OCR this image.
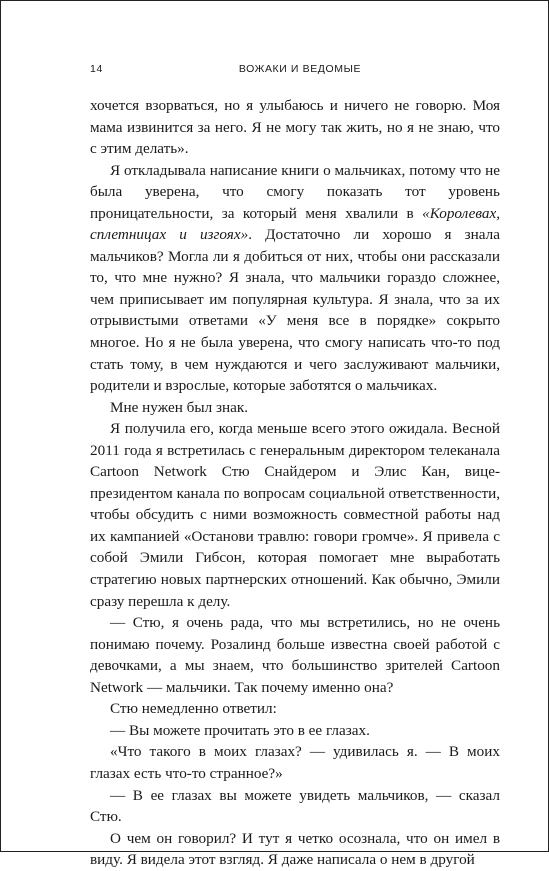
14	ВОЖАКИ И ВЕДОМЫЕ

хочется взорваться, но я улыбаюсь и ничего не говорю. Моя мама извинится за него. Я не могу так жить, но я не знаю, что с этим делать».

Я откладывала написание книги о мальчиках, потому что не была уверена, что смогу показать тот уровень проницательности, за который меня хвалили в «Королевах, сплетницах и изгоях». Достаточно ли хорошо я знала мальчиков? Могла ли я добиться от них, чтобы они рассказали то, что мне нужно? Я знала, что мальчики гораздо сложнее, чем приписывает им популярная культура. Я знала, что за их отрывистыми ответами «У меня все в порядке» сокрыто многое. Но я не была уверена, что смогу написать что-то под стать тому, в чем нуждаются и чего заслуживают мальчики, родители и взрослые, которые заботятся о мальчиках.

Мне нужен был знак.

Я получила его, когда меньше всего этого ожидала. Весной 2011 года я встретилась с генеральным директором телеканала Cartoon Network Стю Снайдером и Элис Кан, вице-президентом канала по вопросам социальной ответственности, чтобы обсудить с ними возможность совместной работы над их кампанией «Останови травлю: говори громче». Я привела с собой Эмили Гибсон, которая помогает мне выработать стратегию новых партнерских отношений. Как обычно, Эмили сразу перешла к делу.

— Стю, я очень рада, что мы встретились, но не очень понимаю почему. Розалинд больше известна своей работой с девочками, а мы знаем, что большинство зрителей Cartoon Network — мальчики. Так почему именно она?

Стю немедленно ответил:

— Вы можете прочитать это в ее глазах.

«Что такого в моих глазах? — удивилась я. — В моих глазах есть что-то странное?»

— В ее глазах вы можете увидеть мальчиков, — сказал Стю.

О чем он говорил? И тут я четко осознала, что он имел в виду. Я видела этот взгляд. Я даже написала о нем в другой
